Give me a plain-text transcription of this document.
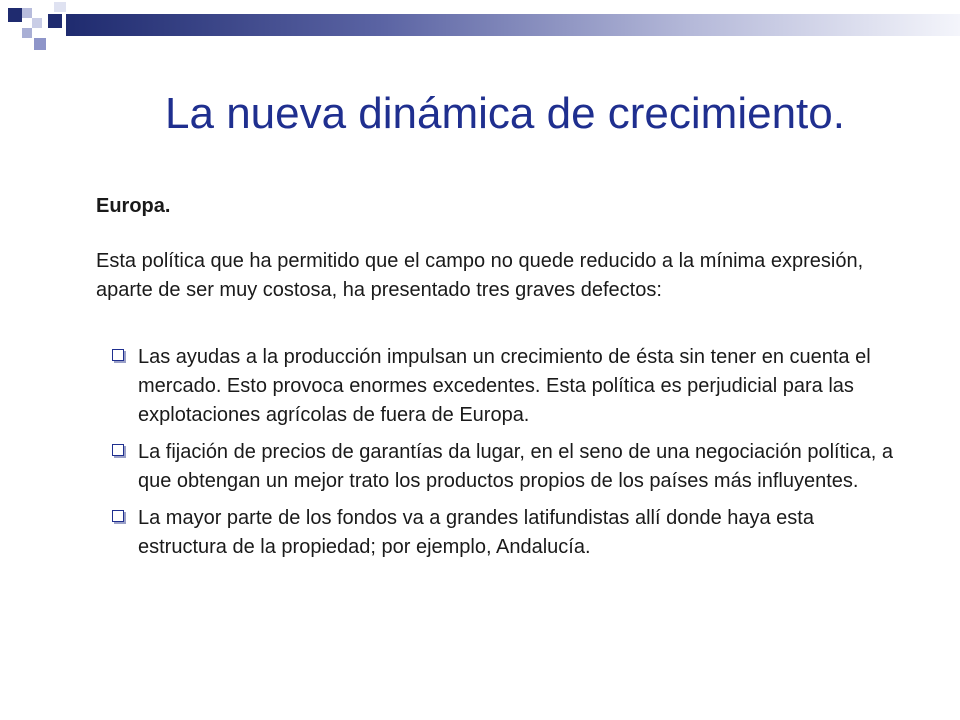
La nueva dinámica de crecimiento.

Europa.

Esta política que ha permitido que el campo no quede reducido a la mínima expresión, aparte de ser muy costosa, ha presentado tres graves defectos:

Las ayudas a la producción impulsan un crecimiento de ésta sin tener en cuenta el mercado. Esto provoca enormes excedentes. Esta política es perjudicial para las explotaciones agrícolas de fuera de Europa.
La fijación de precios de garantías da lugar, en el seno de una negociación política, a que obtengan un mejor trato los productos propios de los países más influyentes.
La mayor parte de los fondos va a grandes latifundistas allí donde haya esta estructura de la propiedad; por ejemplo, Andalucía.
